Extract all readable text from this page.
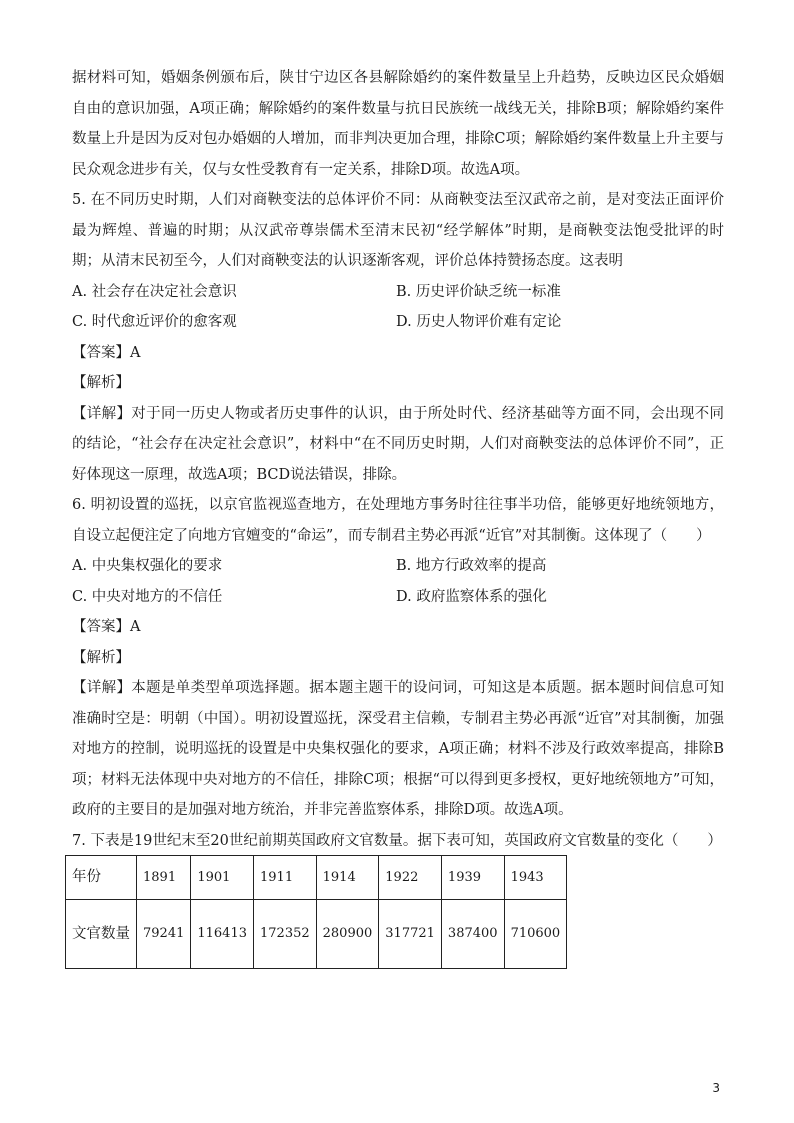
据材料可知，婚姻条例颁布后，陕甘宁边区各县解除婚约的案件数量呈上升趋势，反映边区民众婚姻自由的意识加强，A项正确；解除婚约的案件数量与抗日民族统一战线无关，排除B项；解除婚约案件数量上升是因为反对包办婚姻的人增加，而非判决更加合理，排除C项；解除婚约案件数量上升主要与民众观念进步有关，仅与女性受教育有一定关系，排除D项。故选A项。

5. 在不同历史时期，人们对商鞅变法的总体评价不同：从商鞅变法至汉武帝之前，是对变法正面评价最为辉煌、普遍的时期；从汉武帝尊崇儒术至清末民初“经学解体”时期，是商鞅变法饱受批评的时期；从清末民初至今，人们对商鞅变法的认识逐渐客观，评价总体持赞扬态度。这表明

A. 社会存在决定社会意识	B. 历史评价缺乏统一标准
C. 时代愈近评价的愈客观	D. 历史人物评价难有定论

【答案】A

【解析】

【详解】对于同一历史人物或者历史事件的认识，由于所处时代、经济基础等方面不同，会出现不同的结论，“社会存在决定社会意识”，材料中“在不同历史时期，人们对商鞅变法的总体评价不同”，正好体现这一原理，故选A项；BCD说法错误，排除。

6. 明初设置的巡抚，以京官监视巡查地方，在处理地方事务时往往事半功倍，能够更好地统领地方，自设立起便注定了向地方官嬗变的“命运”，而专制君主势必再派“近官”对其制衡。这体现了（　　）

A. 中央集权强化的要求	B. 地方行政效率的提高
C. 中央对地方的不信任	D. 政府监察体系的强化

【答案】A

【解析】

【详解】本题是单类型单项选择题。据本题主题干的设问词，可知这是本质题。据本题时间信息可知准确时空是：明朝（中国）。明初设置巡抚，深受君主信赖，专制君主势必再派“近官”对其制衡，加强对地方的控制，说明巡抚的设置是中央集权强化的要求，A项正确；材料不涉及行政效率提高，排除B项；材料无法体现中央对地方的不信任，排除C项；根据“可以得到更多授权，更好地统领地方”可知，政府的主要目的是加强对地方统治，并非完善监察体系，排除D项。故选A项。

7. 下表是19世纪末至20世纪前期英国政府文官数量。据下表可知，英国政府文官数量的变化（　　）

年份	1891	1901	1911	1914	1922	1939	1943
文官数量	79241	116413	172352	280900	317721	387400	710600
3
